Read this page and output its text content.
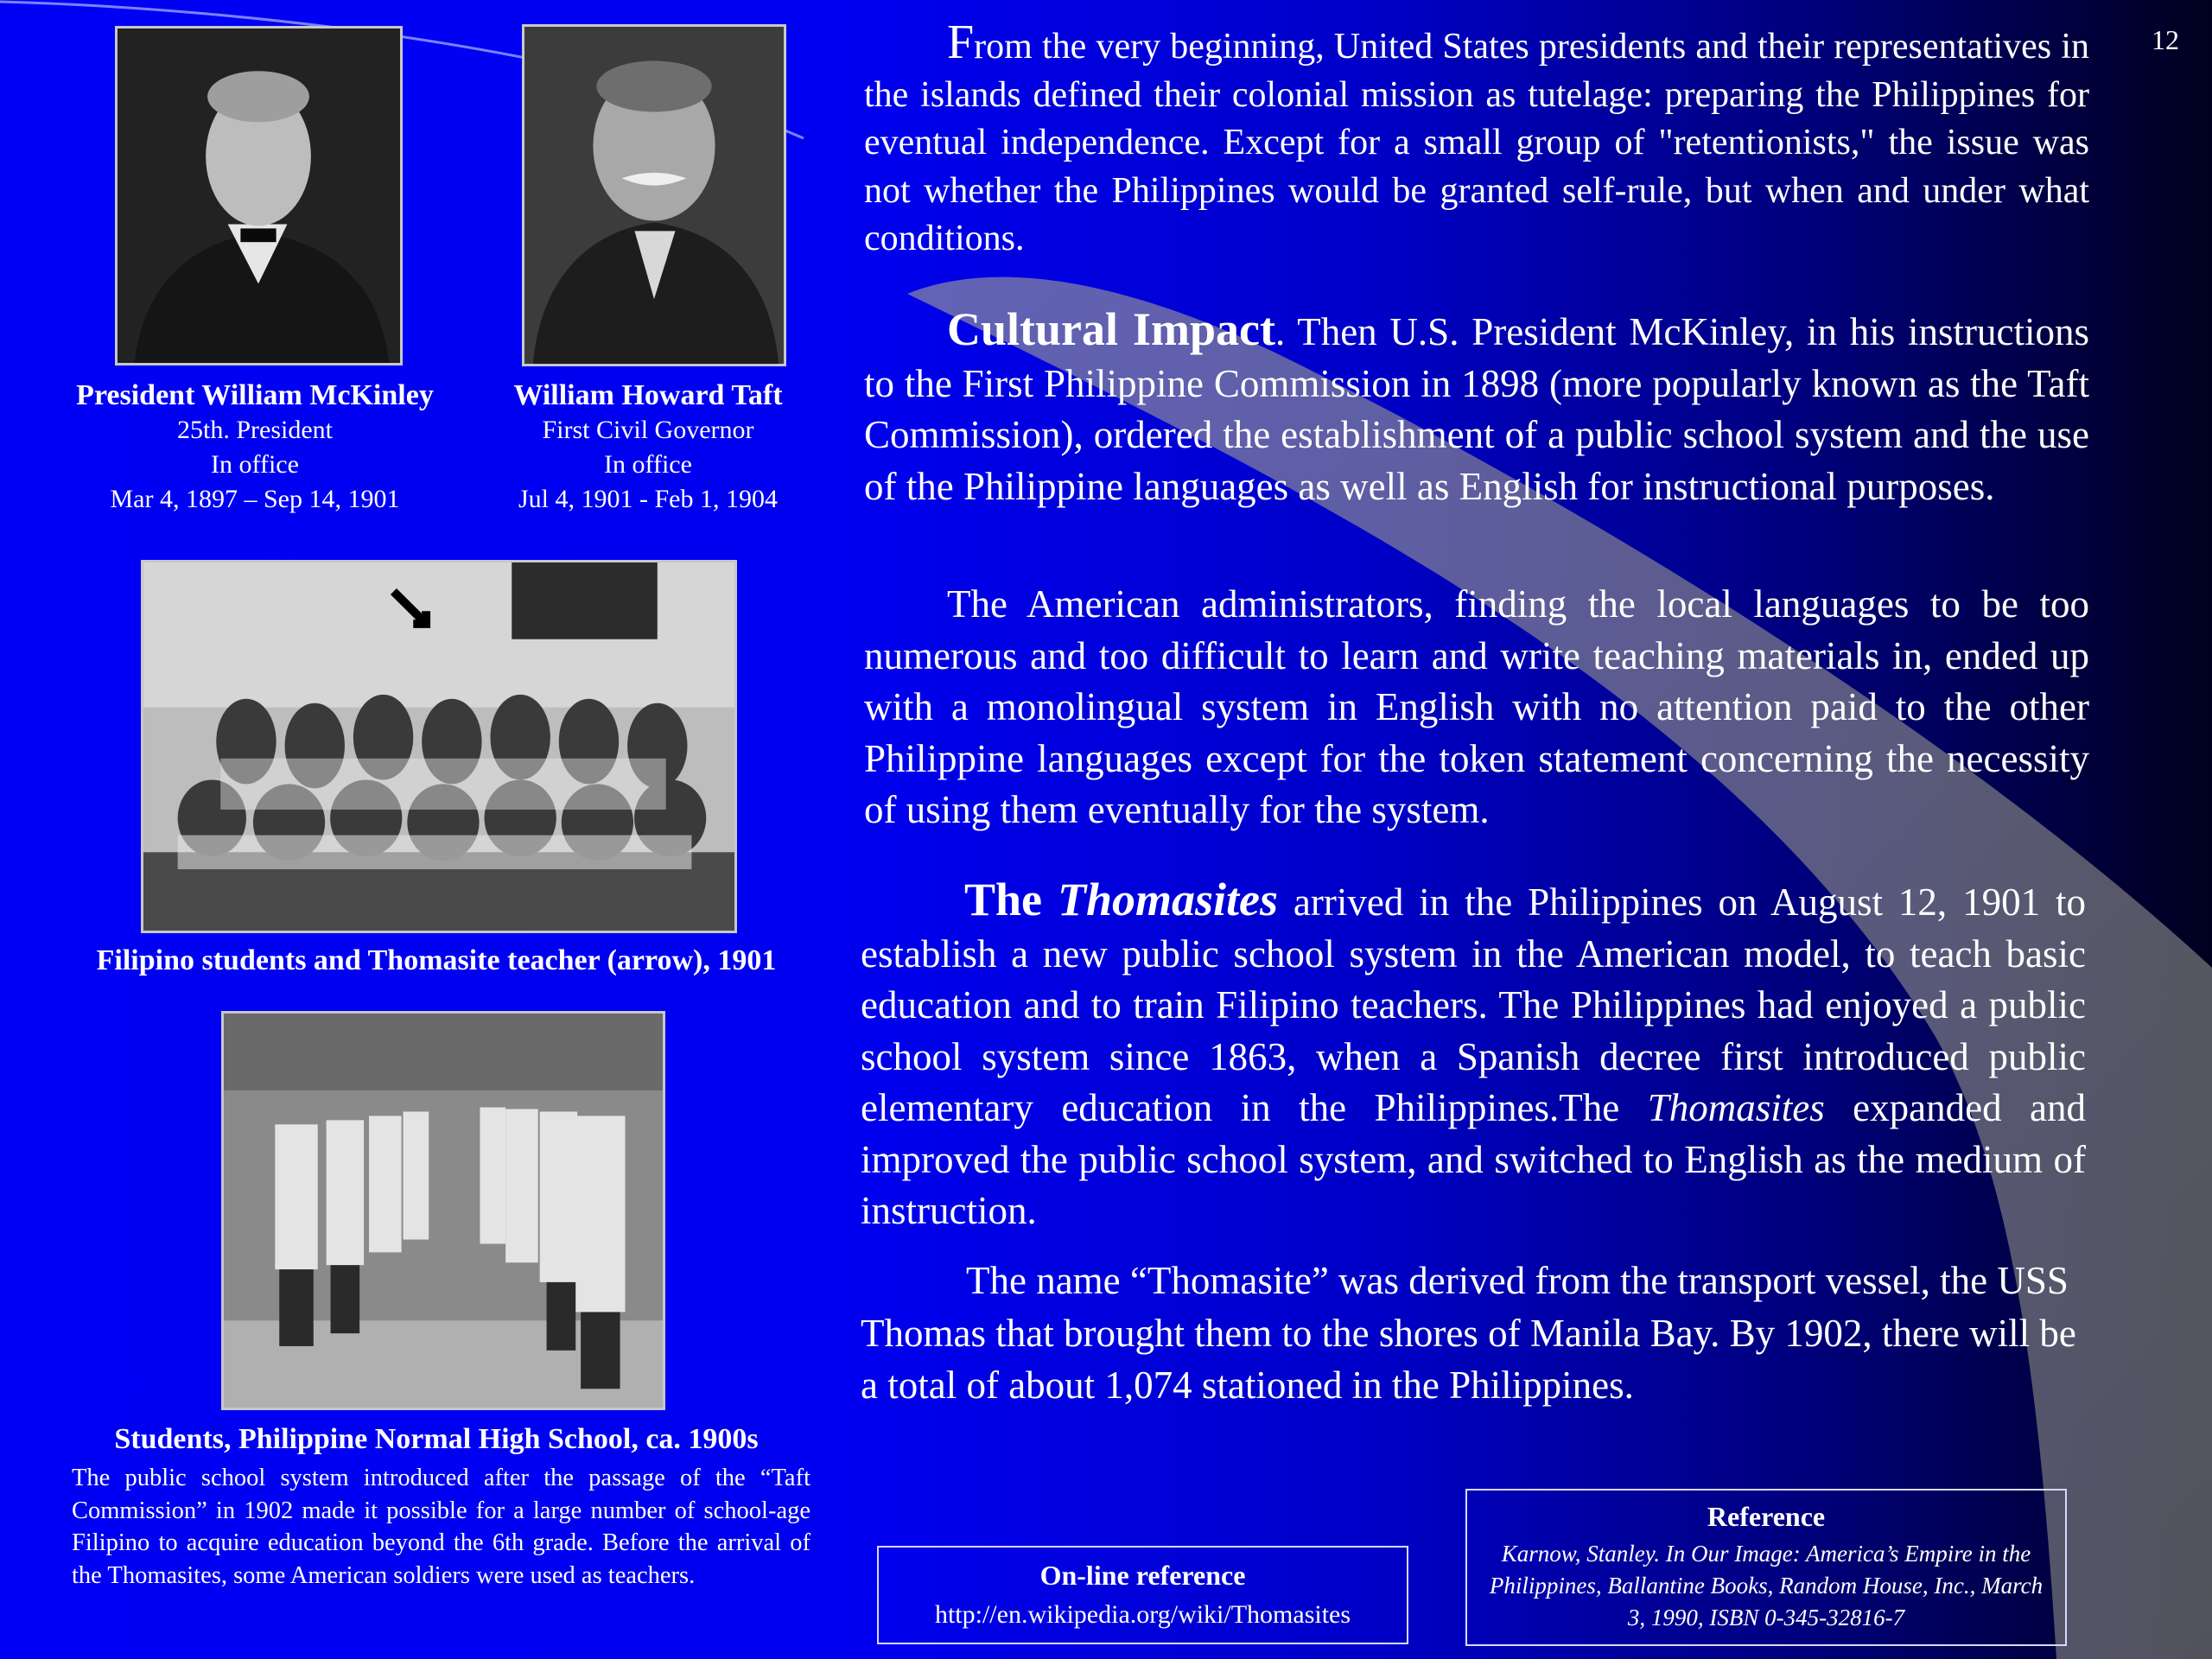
12
President William McKinley
25th. President
In office
Mar 4, 1897 – Sep 14, 1901
William Howard Taft
First Civil Governor
In office
Jul 4, 1901 - Feb 1, 1904
Filipino students and Thomasite teacher (arrow), 1901
Students, Philippine Normal High School, ca. 1900s
The public school system introduced after the passage of the “Taft Commission” in 1902 made it possible for a large number of school-age Filipino to acquire education beyond the 6th grade. Before the arrival of the Thomasites, some American soldiers were used as teachers.
From the very beginning, United States presidents and their representatives in the islands defined their colonial mission as tutelage: preparing the Philippines for eventual independence. Except for a small group of "retentionists," the issue was not whether the Philippines would be granted self-rule, but when and under what conditions.
Cultural Impact. Then U.S. President McKinley, in his instructions to the First Philippine Commission in 1898 (more popularly known as the Taft Commission), ordered the establishment of a public school system and the use of the Philippine languages as well as English for instructional purposes.
The American administrators, finding the local languages to be too numerous and too difficult to learn and write teaching materials in, ended up with a monolingual system in English with no attention paid to the other Philippine languages except for the token statement concerning the necessity of using them eventually for the system.
The Thomasites arrived in the Philippines on August 12, 1901 to establish a new public school system in the American model, to teach basic education and to train Filipino teachers. The Philippines had enjoyed a public school system since 1863, when a Spanish decree first introduced public elementary education in the Philippines.The Thomasites expanded and improved the public school system, and switched to English as the medium of instruction.
The name “Thomasite” was derived from the transport vessel, the USS Thomas that brought them to the shores of Manila Bay. By 1902, there will be a total of about 1,074 stationed in the Philippines.
On-line reference
http://en.wikipedia.org/wiki/Thomasites
Reference
Karnow, Stanley. In Our Image: America’s Empire in the Philippines, Ballantine Books, Random House, Inc., March 3, 1990, ISBN 0-345-32816-7
